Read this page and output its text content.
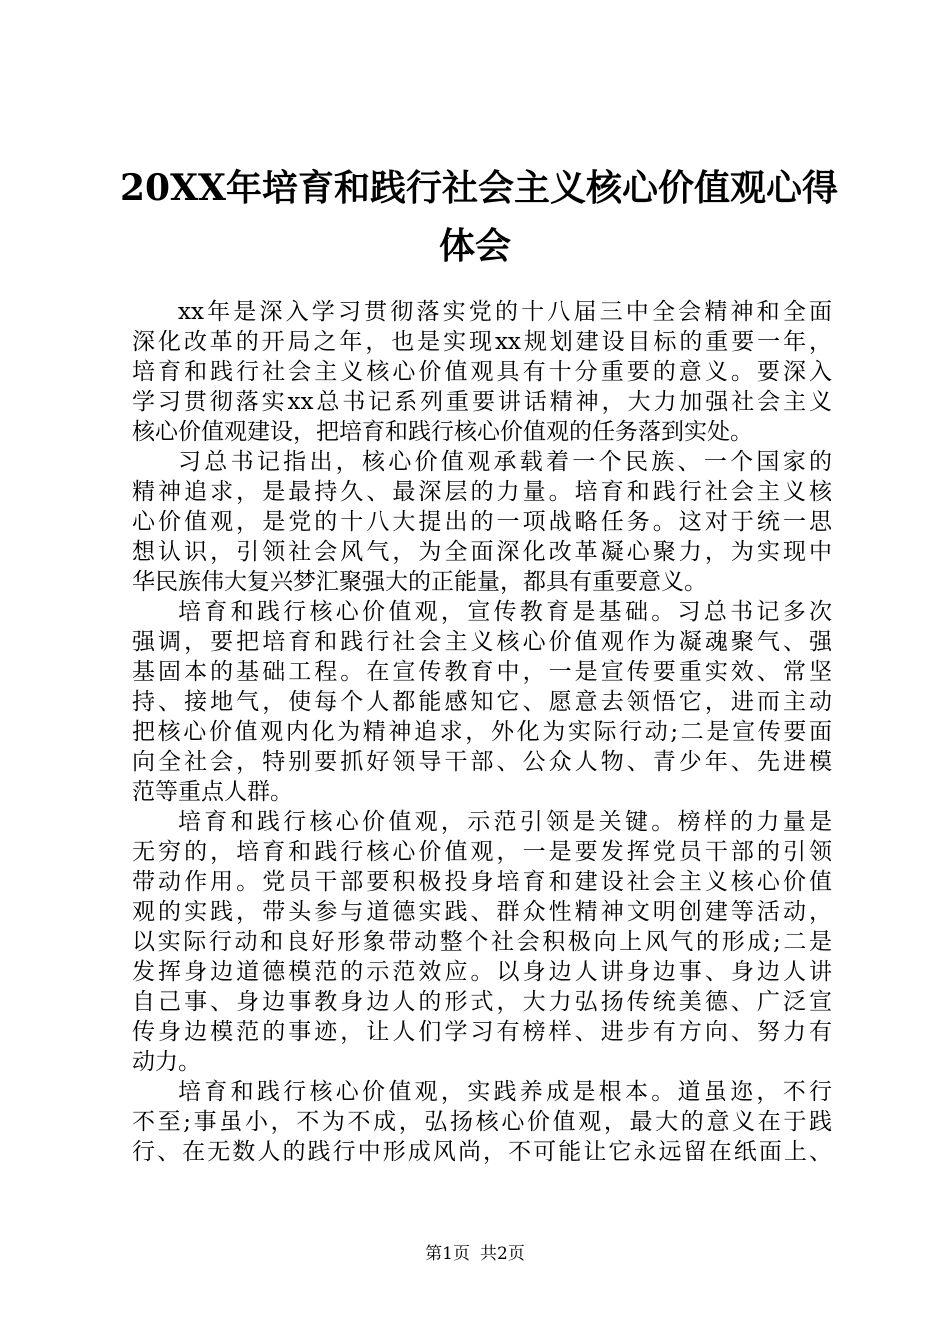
20XX年培育和践行社会主义核心价值观心得
体会
xx年是深入学习贯彻落实党的十八届三中全会精神和全面
深化改革的开局之年，也是实现xx规划建设目标的重要一年，
培育和践行社会主义核心价值观具有十分重要的意义。要深入
学习贯彻落实xx总书记系列重要讲话精神，大力加强社会主义
核心价值观建设，把培育和践行核心价值观的任务落到实处。
习总书记指出，核心价值观承载着一个民族、一个国家的
精神追求，是最持久、最深层的力量。培育和践行社会主义核
心价值观，是党的十八大提出的一项战略任务。这对于统一思
想认识，引领社会风气，为全面深化改革凝心聚力，为实现中
华民族伟大复兴梦汇聚强大的正能量，都具有重要意义。
培育和践行核心价值观，宣传教育是基础。习总书记多次
强调，要把培育和践行社会主义核心价值观作为凝魂聚气、强
基固本的基础工程。在宣传教育中，一是宣传要重实效、常坚
持、接地气，使每个人都能感知它、愿意去领悟它，进而主动
把核心价值观内化为精神追求，外化为实际行动;二是宣传要面
向全社会，特别要抓好领导干部、公众人物、青少年、先进模
范等重点人群。
培育和践行核心价值观，示范引领是关键。榜样的力量是
无穷的，培育和践行核心价值观，一是要发挥党员干部的引领
带动作用。党员干部要积极投身培育和建设社会主义核心价值
观的实践，带头参与道德实践、群众性精神文明创建等活动，
以实际行动和良好形象带动整个社会积极向上风气的形成;二是
发挥身边道德模范的示范效应。以身边人讲身边事、身边人讲
自己事、身边事教身边人的形式，大力弘扬传统美德、广泛宣
传身边模范的事迹，让人们学习有榜样、进步有方向、努力有
动力。
培育和践行核心价值观，实践养成是根本。道虽迩，不行
不至;事虽小，不为不成，弘扬核心价值观，最大的意义在于践
行、在无数人的践行中形成风尚，不可能让它永远留在纸面上、
第1页 共2页
